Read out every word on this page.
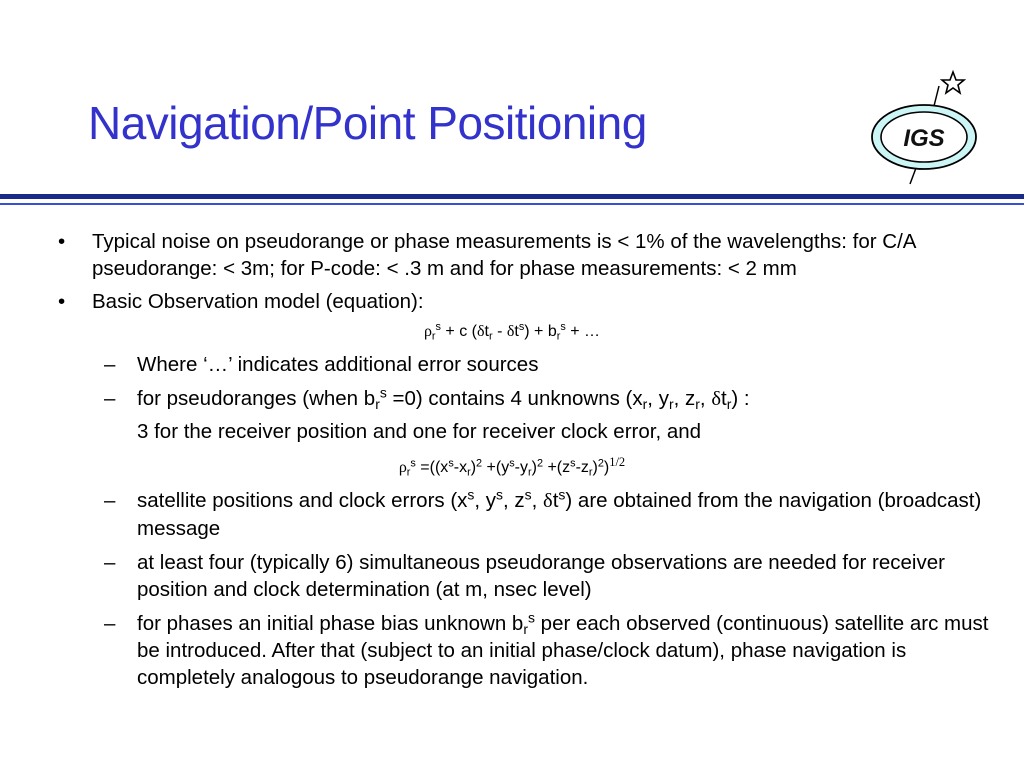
Navigation/Point Positioning	IGS
• Typical noise on pseudorange or phase measurements is < 1% of the wavelengths: for C/A pseudorange: < 3m; for P-code: < .3 m and for phase measurements: < 2 mm
• Basic Observation model (equation):
$\rho_r^s + c$ $(\delta t_r - \delta t^s) + b_r^s$ + …
– Where ‘…’ indicates additional error sources
– for pseudoranges (when $b_r^s =0$) contains 4 unknowns ($x_r$, $y_r$, $z_r$, $\delta t_r$) :
3 for the receiver position and one for receiver clock error, and
$\rho_r^s =((x^s-x_r)^2 +(y^s-y_r)^2 +(z^s-z_r)^2)^{1/2}$
– satellite positions and clock errors ($x^s$, $y^s$, $z^s$, $\delta t^s$) are obtained from the navigation (broadcast) message
– at least four (typically 6) simultaneous pseudorange observations are needed for receiver position and clock determination (at m, nsec level)
– for phases an initial phase bias unknown $b_r^s$ per each observed (continuous) satellite arc must be introduced. After that (subject to an initial phase/clock datum), phase navigation is completely analogous to pseudorange navigation.
